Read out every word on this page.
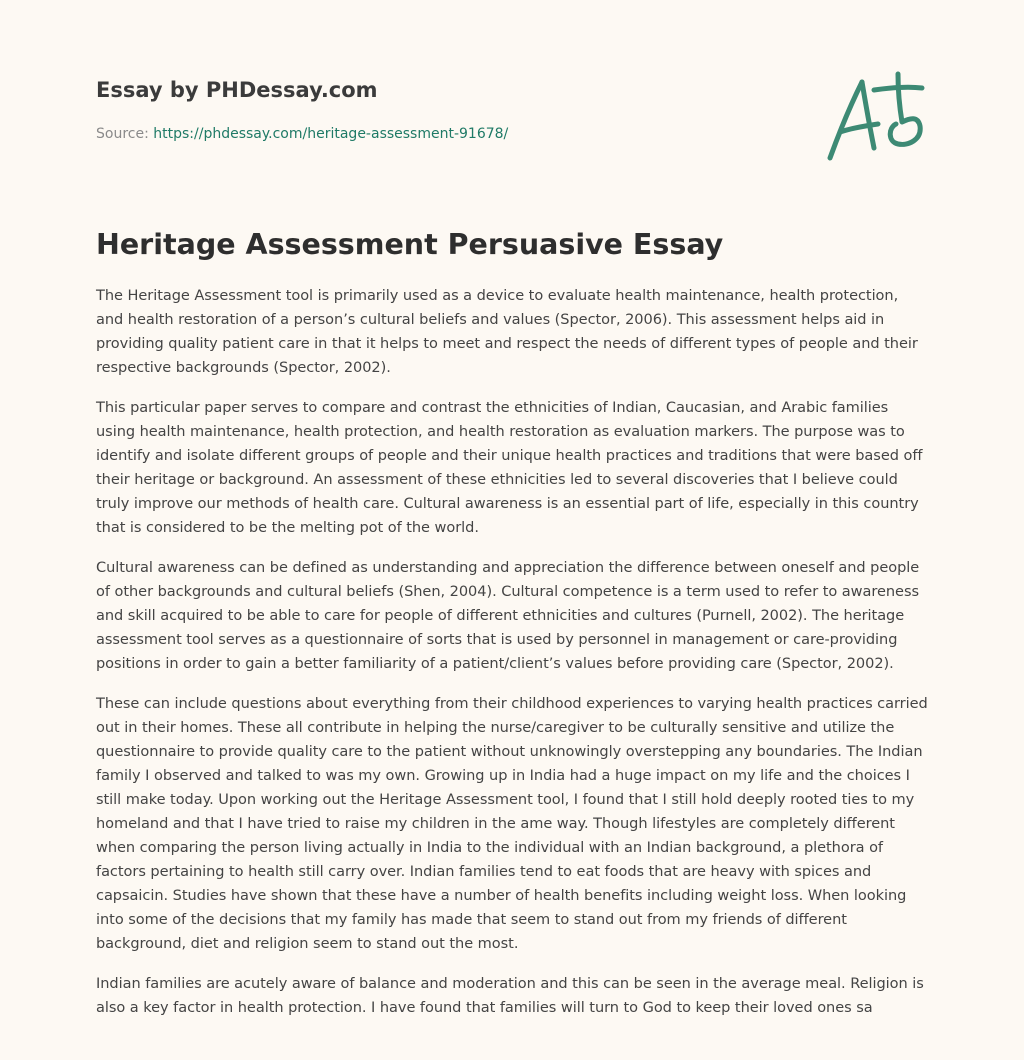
Essay by PHDessay.com
Source: https://phdessay.com/heritage-assessment-91678/
Heritage Assessment Persuasive Essay

The Heritage Assessment tool is primarily used as a device to evaluate health maintenance, health protection, and health restoration of a person’s cultural beliefs and values (Spector, 2006). This assessment helps aid in providing quality patient care in that it helps to meet and respect the needs of different types of people and their respective backgrounds (Spector, 2002).

This particular paper serves to compare and contrast the ethnicities of Indian, Caucasian, and Arabic families using health maintenance, health protection, and health restoration as evaluation markers. The purpose was to identify and isolate different groups of people and their unique health practices and traditions that were based off their heritage or background. An assessment of these ethnicities led to several discoveries that I believe could truly improve our methods of health care. Cultural awareness is an essential part of life, especially in this country that is considered to be the melting pot of the world.

Cultural awareness can be defined as understanding and appreciation the difference between oneself and people of other backgrounds and cultural beliefs (Shen, 2004). Cultural competence is a term used to refer to awareness and skill acquired to be able to care for people of different ethnicities and cultures (Purnell, 2002). The heritage assessment tool serves as a questionnaire of sorts that is used by personnel in management or care-providing positions in order to gain a better familiarity of a patient/client’s values before providing care (Spector, 2002).

These can include questions about everything from their childhood experiences to varying health practices carried out in their homes. These all contribute in helping the nurse/caregiver to be culturally sensitive and utilize the questionnaire to provide quality care to the patient without unknowingly overstepping any boundaries. The Indian family I observed and talked to was my own. Growing up in India had a huge impact on my life and the choices I still make today. Upon working out the Heritage Assessment tool, I found that I still hold deeply rooted ties to my homeland and that I have tried to raise my children in the ame way. Though lifestyles are completely different when comparing the person living actually in India to the individual with an Indian background, a plethora of factors pertaining to health still carry over. Indian families tend to eat foods that are heavy with spices and capsaicin. Studies have shown that these have a number of health benefits including weight loss. When looking into some of the decisions that my family has made that seem to stand out from my friends of different background, diet and religion seem to stand out the most.

Indian families are acutely aware of balance and moderation and this can be seen in the average meal. Religion is also a key factor in health protection. I have found that families will turn to God to keep their loved ones sa
